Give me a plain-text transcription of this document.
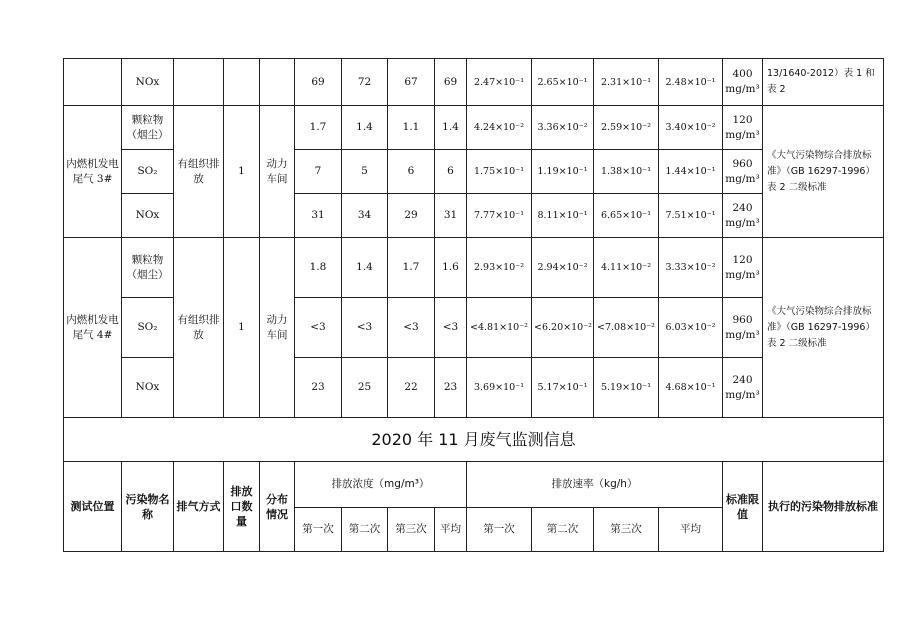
	NOx				69	72	67	69	2.47×10⁻¹	2.65×10⁻¹	2.31×10⁻¹	2.48×10⁻¹	400 mg/m³	13/1640-2012）表 1 和表 2
内燃机发电尾气 3#	颗粒物（烟尘）	有组织排放	1	动力车间	1.7	1.4	1.1	1.4	4.24×10⁻²	3.36×10⁻²	2.59×10⁻²	3.40×10⁻²	120 mg/m³	《大气污染物综合排放标准》（GB 16297-1996）表 2 二级标准
	SO₂				7	5	6	6	1.75×10⁻¹	1.19×10⁻¹	1.38×10⁻¹	1.44×10⁻¹	960 mg/m³	
	NOx				31	34	29	31	7.77×10⁻¹	8.11×10⁻¹	6.65×10⁻¹	7.51×10⁻¹	240 mg/m³	
内燃机发电尾气 4#	颗粒物（烟尘）	有组织排放	1	动力车间	1.8	1.4	1.7	1.6	2.93×10⁻²	2.94×10⁻²	4.11×10⁻²	3.33×10⁻²	120 mg/m³	《大气污染物综合排放标准》（GB 16297-1996）表 2 二级标准
	SO₂				<3	<3	<3	<3	<4.81×10⁻²	<6.20×10⁻²	<7.08×10⁻²	6.03×10⁻²	960 mg/m³	
	NOx				23	25	22	23	3.69×10⁻¹	5.17×10⁻¹	5.19×10⁻¹	4.68×10⁻¹	240 mg/m³	
2020 年 11 月废气监测信息														
测试位置	污染物名称	排气方式	排放口数量	分布情况	排放浓度（mg/m³）				排放速率（kg/h）				标准限值	执行的污染物排放标准
					第一次	第二次	第三次	平均	第一次	第二次	第三次	平均		
